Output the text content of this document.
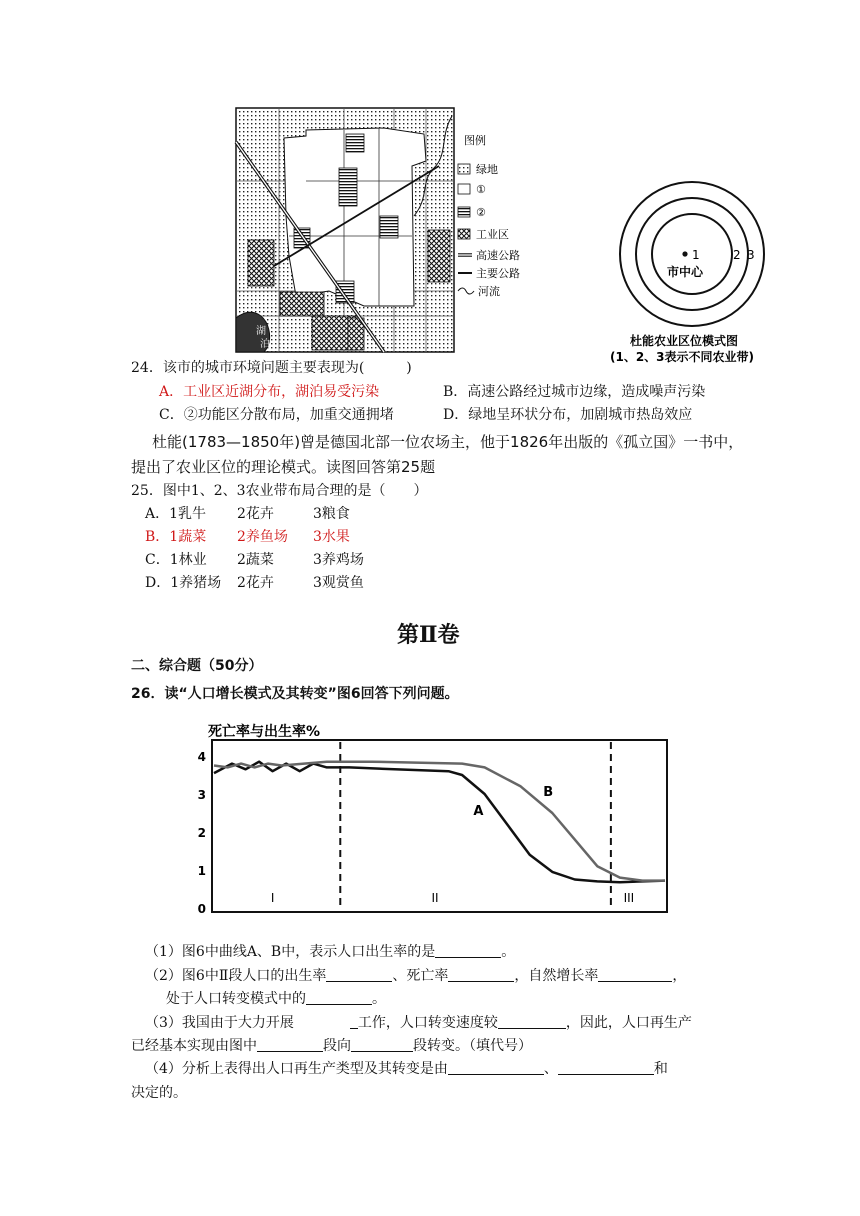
湖
泊
图例
绿地
①
②
工业区
高速公路
主要公路
河流
1	2 3
市中心
杜能农业区位模式图
(1、2、3表示不同农业带)
24．该市的城市环境问题主要表现为(　　　)
A．工业区近湖分布，湖泊易受污染	B．高速公路经过城市边缘，造成噪声污染
C．②功能区分散布局，加重交通拥堵	D．绿地呈环状分布，加剧城市热岛效应
杜能(1783—1850年)曾是德国北部一位农场主，他于1826年出版的《孤立国》一书中，
提出了农业区位的理论模式。读图回答第25题
25．图中1、2、3农业带布局合理的是（　　）
A．1乳牛 2花卉	3粮食
B．1蔬菜 2养鱼场 3水果
C．1林业 2蔬菜	3养鸡场
D．1养猪场 2花卉	3观赏鱼
第Ⅱ卷
二、综合题（50分）
26．读“人口增长模式及其转变”图6回答下列问题。
死亡率与出生率%
0
1
2
3
4
I	II	III
A
B
（1）图6中曲线A、B中，表示人口出生率的是	。
（2）图6中Ⅱ段人口的出生率	、死亡率	，自然增长率	，
处于人口转变模式中的	。
（3）我国由于大力开展	工作，人口转变速度较	，因此，人口再生产
已经基本实现由图中	段向	段转变。（填代号）
（4）分析上表得出人口再生产类型及其转变是由	、	和
决定的。
